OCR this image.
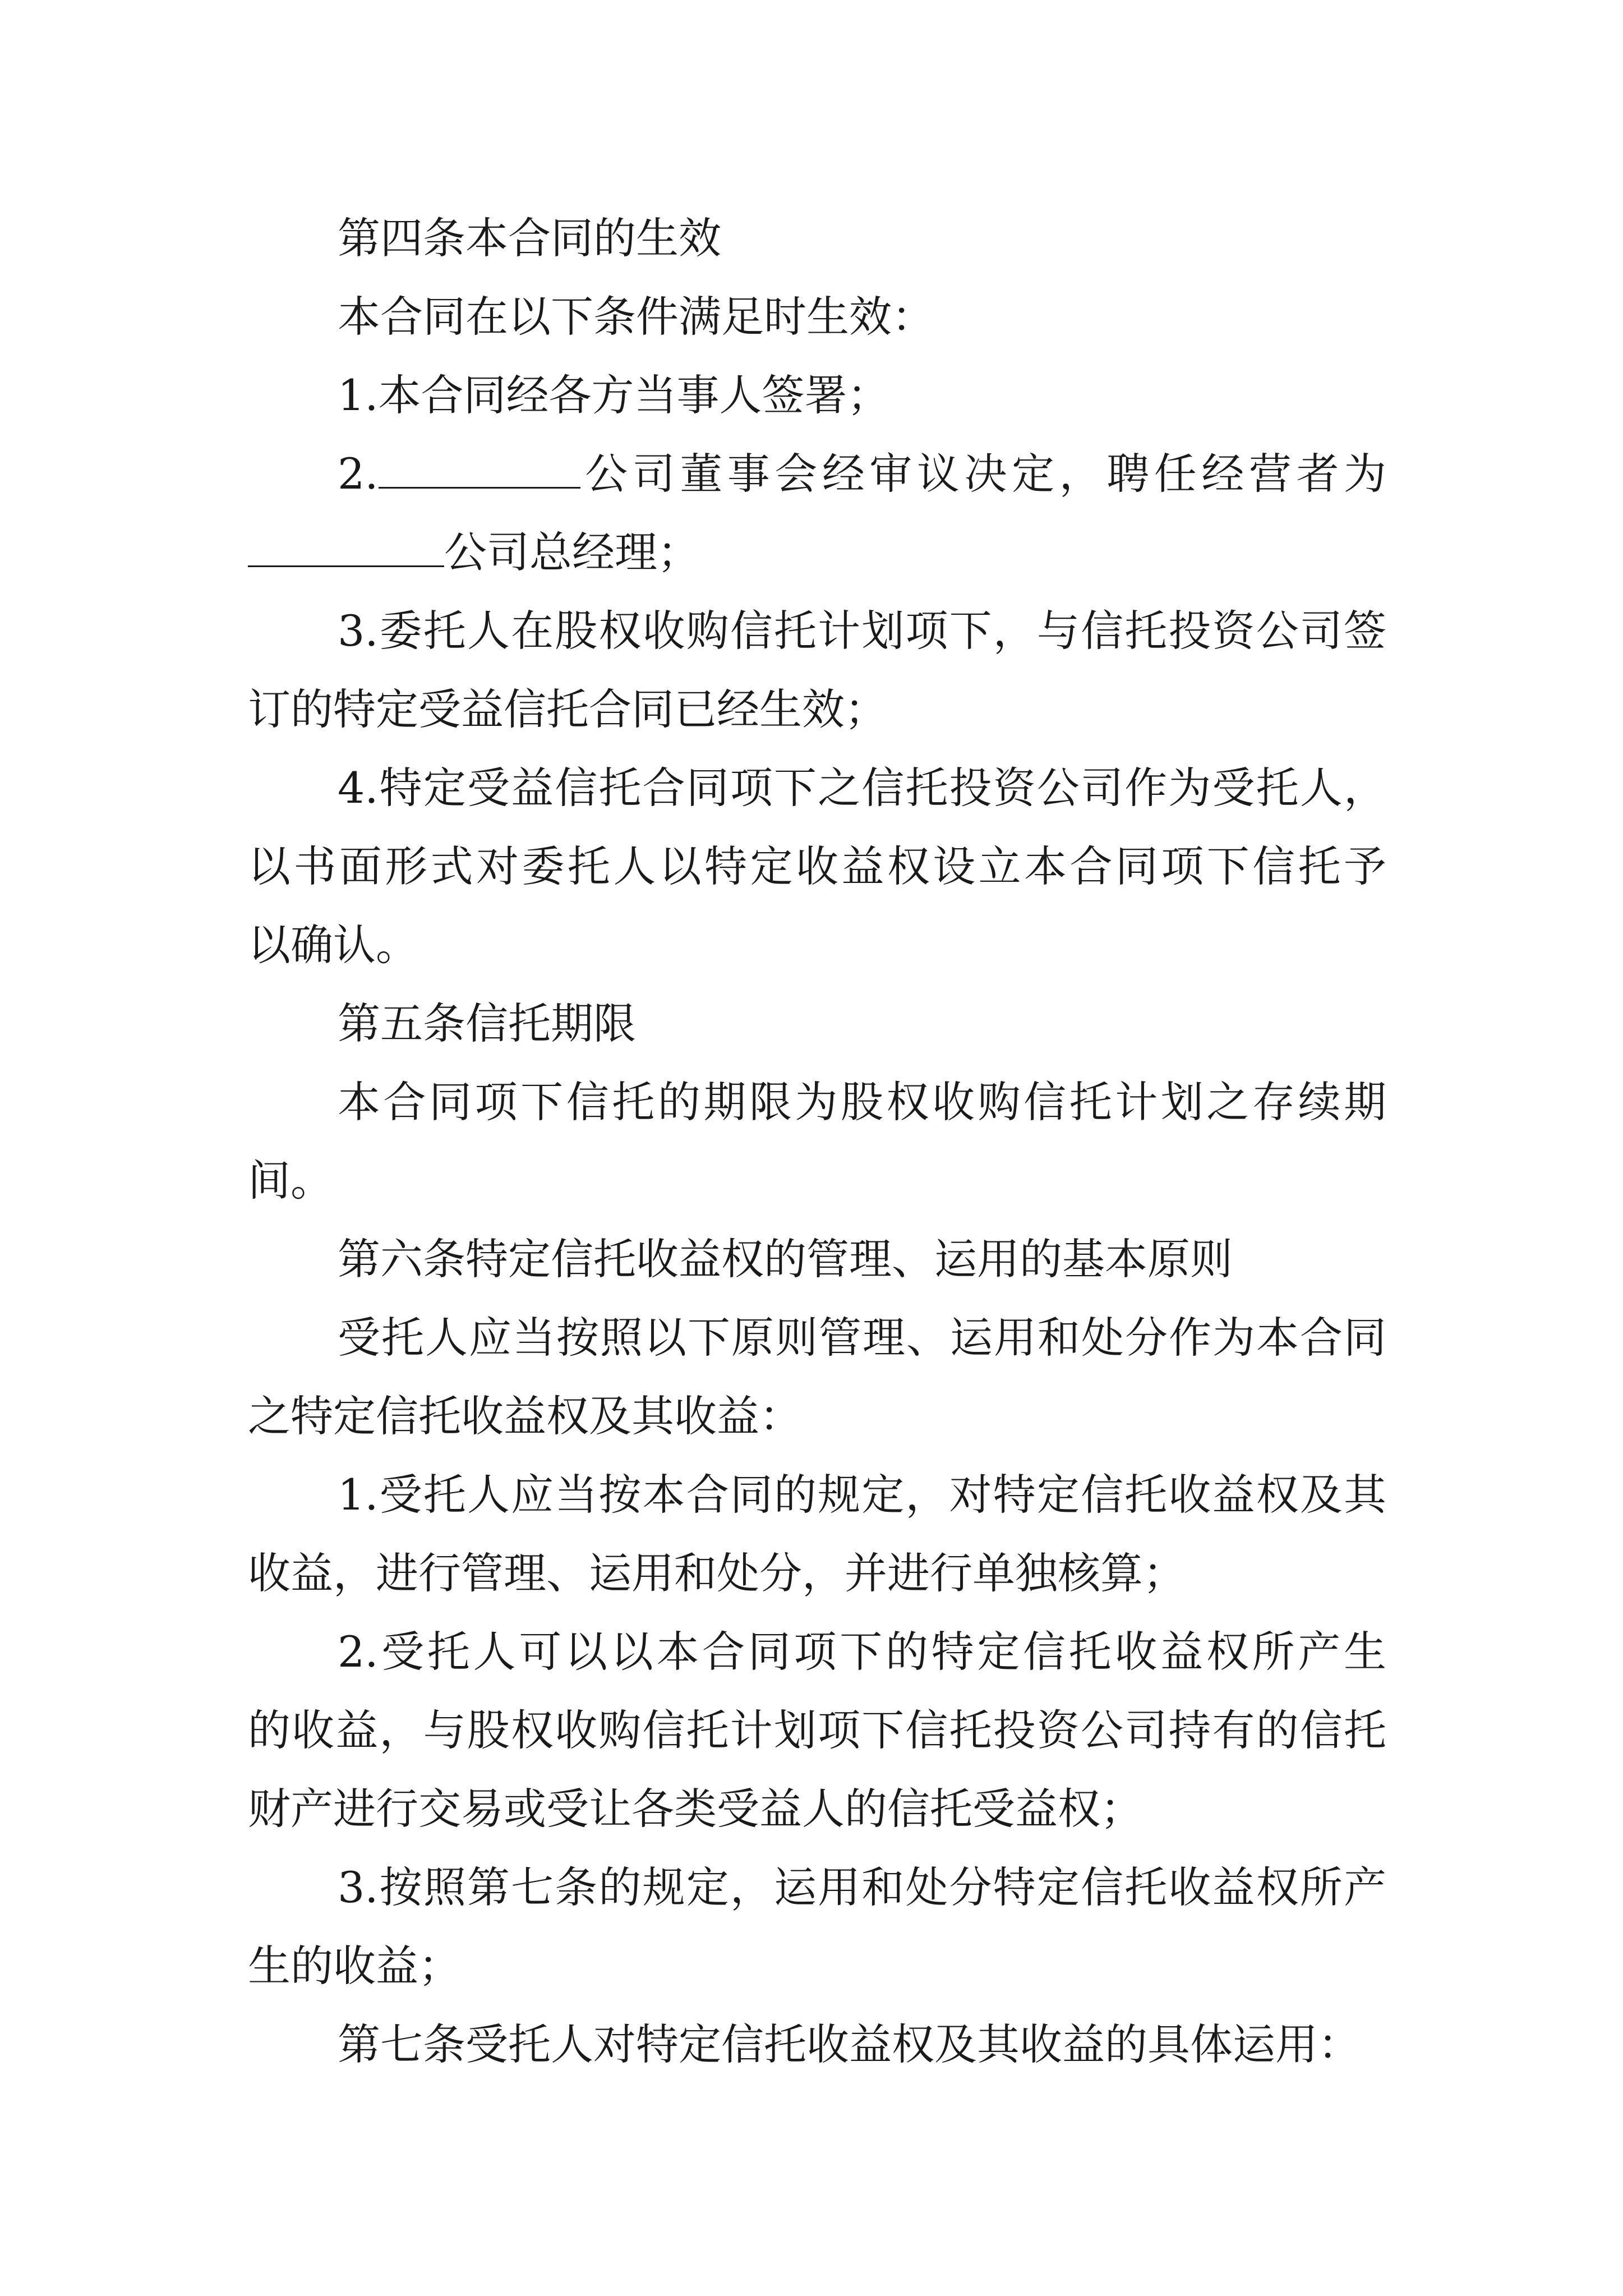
第四条本合同的生效
本合同在以下条件满足时生效：
1.本合同经各方当事人签署；
2.	公司董事会经审议决定，聘任经营者为
公司总经理；
3.委托人在股权收购信托计划项下，与信托投资公司签
订的特定受益信托合同已经生效；
4.特定受益信托合同项下之信托投资公司作为受托人，
以书面形式对委托人以特定收益权设立本合同项下信托予
以确认。
第五条信托期限
本合同项下信托的期限为股权收购信托计划之存续期
间。
第六条特定信托收益权的管理、运用的基本原则
受托人应当按照以下原则管理、运用和处分作为本合同
之特定信托收益权及其收益：
1.受托人应当按本合同的规定，对特定信托收益权及其
收益，进行管理、运用和处分，并进行单独核算；
2.受托人可以以本合同项下的特定信托收益权所产生
的收益，与股权收购信托计划项下信托投资公司持有的信托
财产进行交易或受让各类受益人的信托受益权；
3.按照第七条的规定，运用和处分特定信托收益权所产
生的收益；
第七条受托人对特定信托收益权及其收益的具体运用：
